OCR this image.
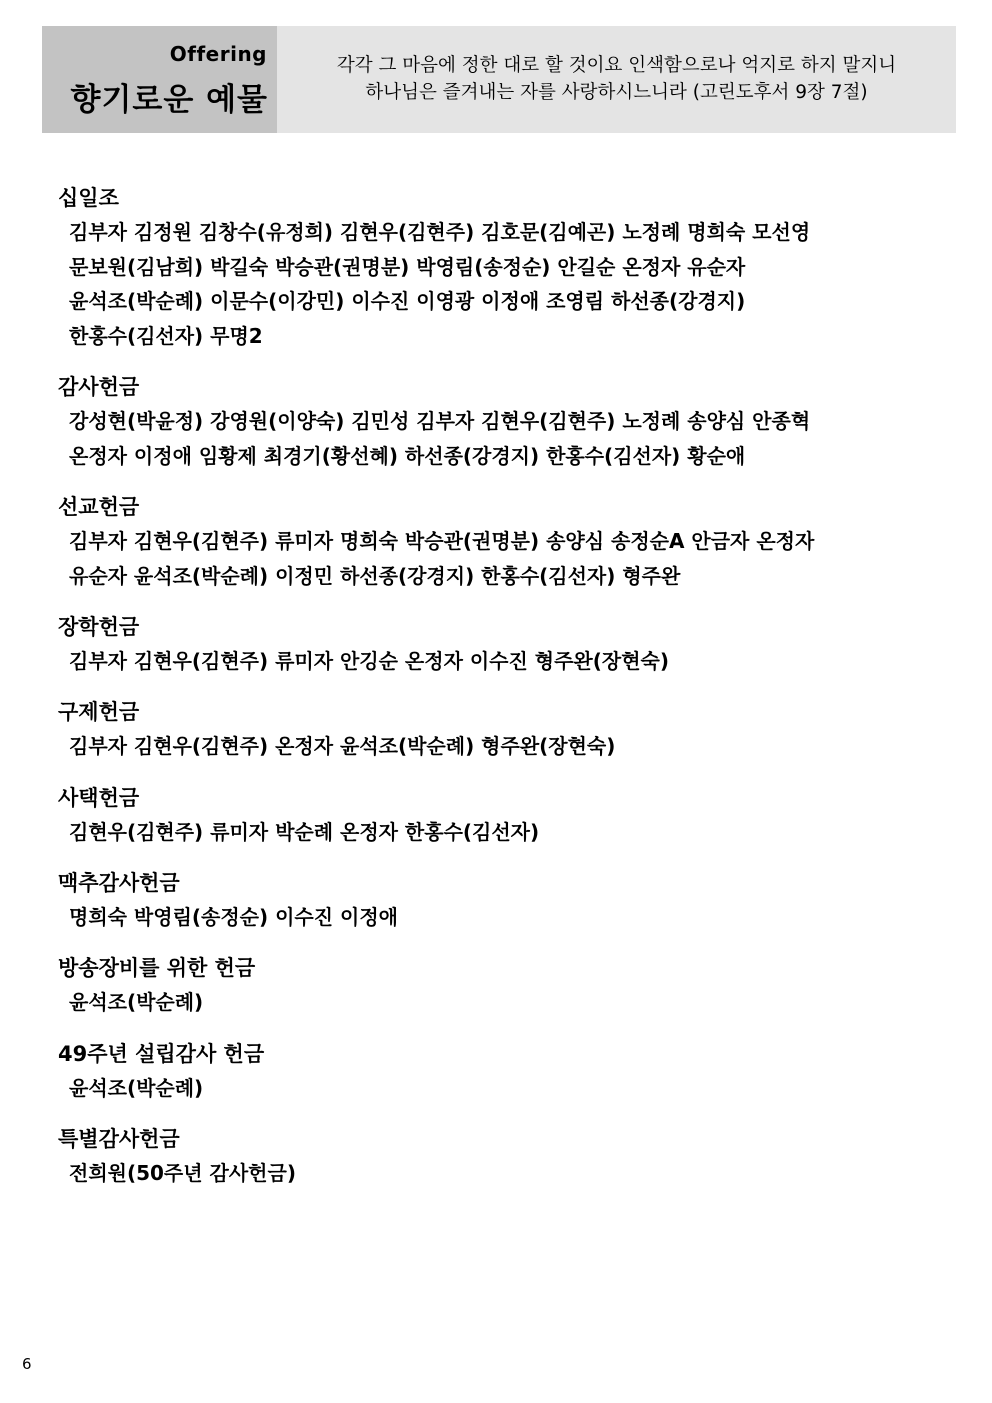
Offering
향기로운 예물
각각 그 마음에 정한 대로 할 것이요 인색함으로나 억지로 하지 말지니
하나님은 즐겨내는 자를 사랑하시느니라 (고린도후서 9장 7절)
십일조
김부자 김정원 김창수(유정희) 김현우(김현주) 김호문(김예곤) 노정례 명희숙 모선영
문보원(김남희) 박길숙 박승관(권명분) 박영림(송정순) 안길순 온정자 유순자
윤석조(박순례) 이문수(이강민) 이수진 이영광 이정애 조영림 하선종(강경지)
한홍수(김선자) 무명2
감사헌금
강성현(박윤정) 강영원(이양숙) 김민성 김부자 김현우(김현주) 노정례 송양심 안종혁
온정자 이정애 임황제 최경기(황선혜) 하선종(강경지) 한홍수(김선자) 황순애
선교헌금
김부자 김현우(김현주) 류미자 명희숙 박승관(권명분) 송양심 송정순A 안금자 온정자
유순자 윤석조(박순례) 이정민 하선종(강경지) 한홍수(김선자) 형주완
장학헌금
김부자 김현우(김현주) 류미자 안깅순 온정자 이수진 형주완(장현숙)
구제헌금
김부자 김현우(김현주) 온정자 윤석조(박순례) 형주완(장현숙)
사택헌금
김현우(김현주) 류미자 박순례 온정자 한홍수(김선자)
맥추감사헌금
명희숙 박영림(송정순) 이수진 이정애
방송장비를 위한 헌금
윤석조(박순례)
49주년 설립감사 헌금
윤석조(박순례)
특별감사헌금
전희원(50주년 감사헌금)
6
